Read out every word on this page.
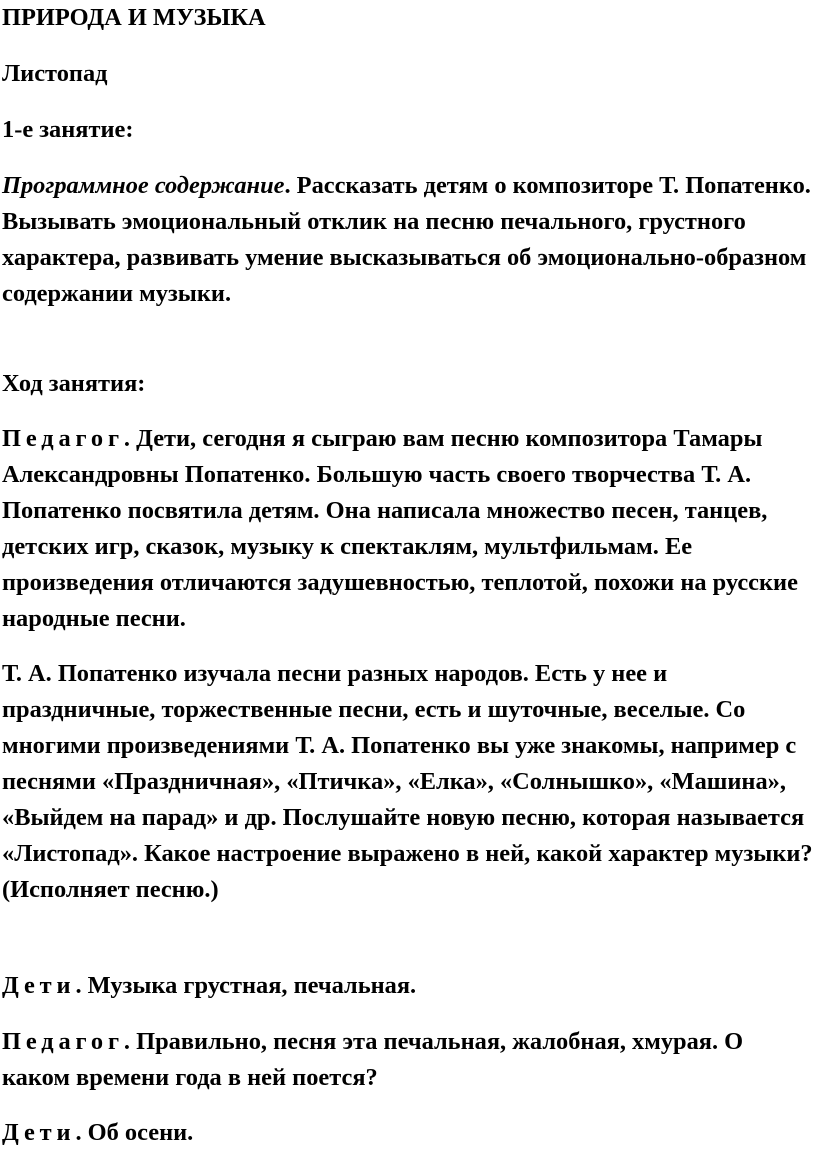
ПРИРОДА И МУЗЫКА

Листопад

1-е занятие:

Программное содержание. Рассказать детям о композиторе Т. Попатенко. Вызывать эмоциональный отклик на песню печального, грустного характера, развивать умение высказываться об эмоционально-образном содержании музыки.

Ход занятия:

Педагог. Дети, сегодня я сыграю вам песню композитора Тамары Александровны Попатенко. Большую часть своего творчества Т. А. Попатенко посвятила детям. Она написала множество песен, танцев, детских игр, сказок, музыку к спектаклям, мультфильмам. Ее произведения отличаются задушевностью, теплотой, похожи на русские народные песни.

Т. А. Попатенко изучала песни разных народов. Есть у нее и праздничные, торжественные песни, есть и шуточные, веселые. Со многими произведениями Т. А. Попатенко вы уже знакомы, например с песнями «Праздничная», «Птичка», «Елка», «Солнышко», «Машина», «Выйдем на парад» и др. Послушайте новую песню, которая называется «Листопад». Какое настроение выражено в ней, какой характер музыки? (Исполняет песню.)

Дети. Музыка грустная, печальная.

Педагог. Правильно, песня эта печальная, жалобная, хмурая. О каком времени года в ней поется?

Дети. Об осени.
